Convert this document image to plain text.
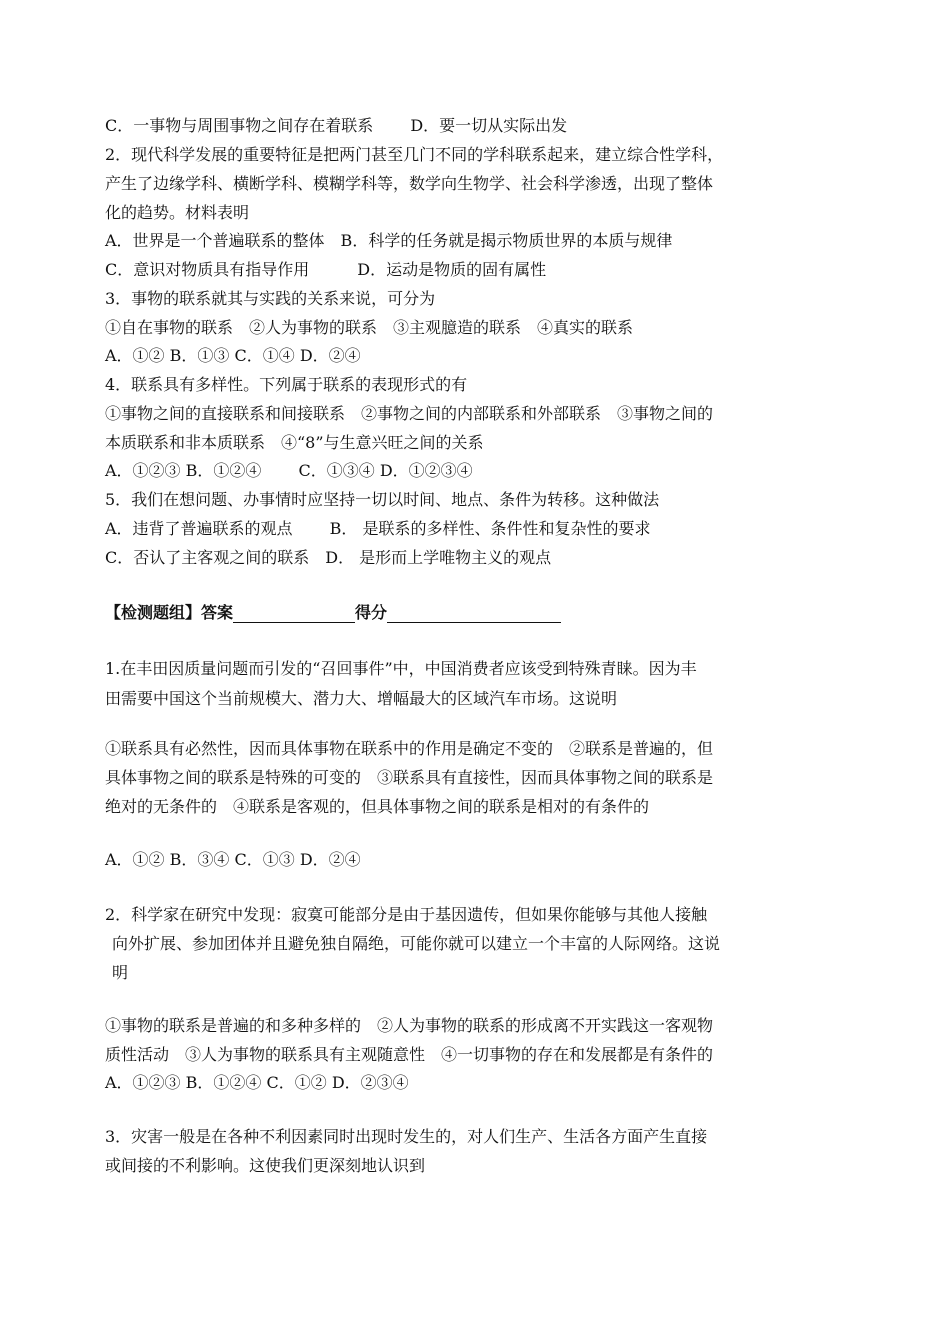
C．一事物与周围事物之间存在着联系　　 D．要一切从实际出发
2．现代科学发展的重要特征是把两门甚至几门不同的学科联系起来，建立综合性学科，
产生了边缘学科、横断学科、模糊学科等，数学向生物学、社会科学渗透，出现了整体
化的趋势。材料表明
A．世界是一个普遍联系的整体　B．科学的任务就是揭示物质世界的本质与规律
C．意识对物质具有指导作用　　　D．运动是物质的固有属性
3．事物的联系就其与实践的关系来说，可分为
①自在事物的联系　②人为事物的联系　③主观臆造的联系　④真实的联系
A．①② B．①③ C．①④ D．②④
4．联系具有多样性。下列属于联系的表现形式的有
①事物之间的直接联系和间接联系　②事物之间的内部联系和外部联系　③事物之间的
本质联系和非本质联系　④“8”与生意兴旺之间的关系
A．①②③ B．①②④　　 C．①③④ D．①②③④
5．我们在想问题、办事情时应坚持一切以时间、地点、条件为转移。这种做法
A．违背了普遍联系的观点　　 B． 是联系的多样性、条件性和复杂性的要求
C．否认了主客观之间的联系　D． 是形而上学唯物主义的观点
【检测题组】答案	得分
1.在丰田因质量问题而引发的“召回事件”中，中国消费者应该受到特殊青睐。因为丰
田需要中国这个当前规模大、潜力大、增幅最大的区域汽车市场。这说明
①联系具有必然性，因而具体事物在联系中的作用是确定不变的　②联系是普遍的，但
具体事物之间的联系是特殊的可变的　③联系具有直接性，因而具体事物之间的联系是
绝对的无条件的　④联系是客观的，但具体事物之间的联系是相对的有条件的
A．①② B．③④ C．①③ D．②④
2．科学家在研究中发现：寂寞可能部分是由于基因遗传，但如果你能够与其他人接触
向外扩展、参加团体并且避免独自隔绝，可能你就可以建立一个丰富的人际网络。这说
明
①事物的联系是普遍的和多种多样的　②人为事物的联系的形成离不开实践这一客观物
质性活动　③人为事物的联系具有主观随意性　④一切事物的存在和发展都是有条件的
A．①②③ B．①②④ C．①② D．②③④
3．灾害一般是在各种不利因素同时出现时发生的，对人们生产、生活各方面产生直接
或间接的不利影响。这使我们更深刻地认识到
